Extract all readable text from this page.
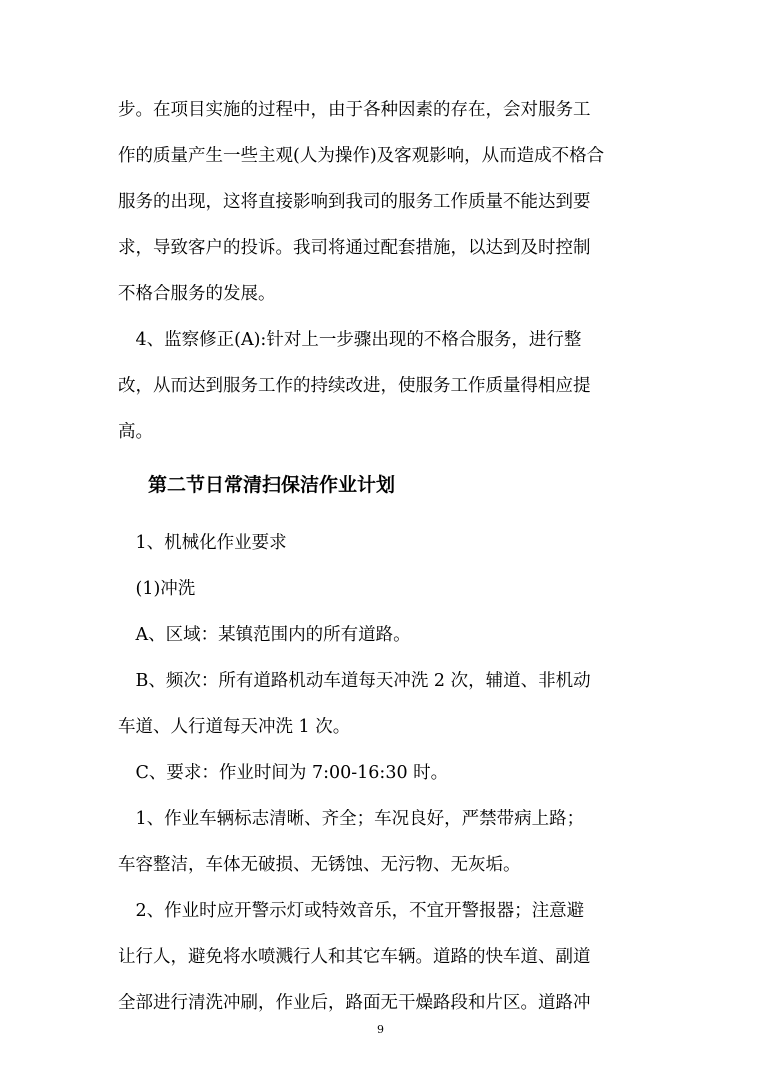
步。在项目实施的过程中，由于各种因素的存在，会对服务工
作的质量产生一些主观(人为操作)及客观影响，从而造成不格合
服务的出现，这将直接影响到我司的服务工作质量不能达到要
求，导致客户的投诉。我司将通过配套措施，以达到及时控制
不格合服务的发展。
　4、监察修正(A):针对上一步骤出现的不格合服务，进行整
改，从而达到服务工作的持续改进，使服务工作质量得相应提
高。
第二节日常清扫保洁作业计划
　1、机械化作业要求
　(1)冲洗
　A、区域：某镇范围内的所有道路。
　B、频次：所有道路机动车道每天冲洗 2 次，辅道、非机动
车道、人行道每天冲洗 1 次。
　C、要求：作业时间为 7:00-16:30 时。
　1、作业车辆标志清晰、齐全；车况良好，严禁带病上路；
车容整洁，车体无破损、无锈蚀、无污物、无灰垢。
　2、作业时应开警示灯或特效音乐，不宜开警报器；注意避
让行人，避免将水喷溅行人和其它车辆。道路的快车道、副道
全部进行清洗冲刷，作业后，路面无干燥路段和片区。道路冲
9
